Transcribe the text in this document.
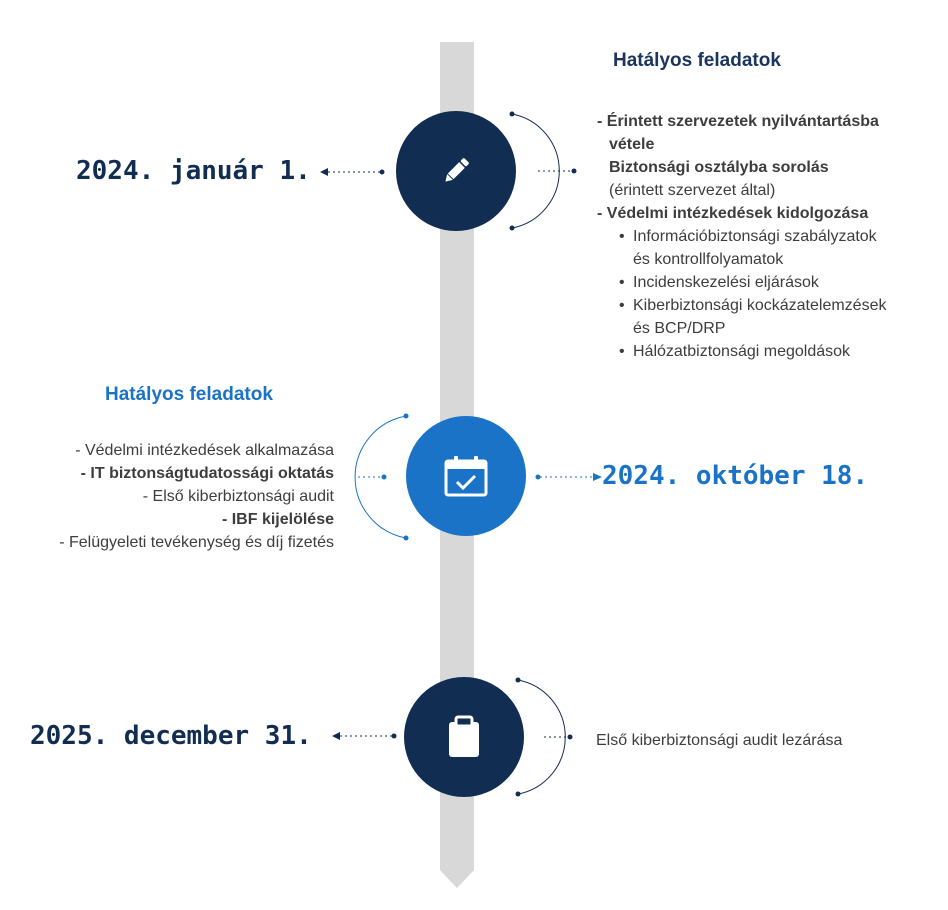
2024. január 1.
Hatályos feladatok
- Érintett szervezetek nyilvántartásba
vétele
Biztonsági osztályba sorolás
(érintett szervezet által)
- Védelmi intézkedések kidolgozása
• Információbiztonsági szabályzatok
és kontrollfolyamatok
• Incidenskezelési eljárások
• Kiberbiztonsági kockázatelemzések
és BCP/DRP
• Hálózatbiztonsági megoldások
Hatályos feladatok
- Védelmi intézkedések alkalmazása
- IT biztonságtudatossági oktatás
- Első kiberbiztonsági audit
- IBF kijelölése
- Felügyeleti tevékenység és díj fizetés
2024. október 18.
2025. december 31.	Első kiberbiztonsági audit lezárása
